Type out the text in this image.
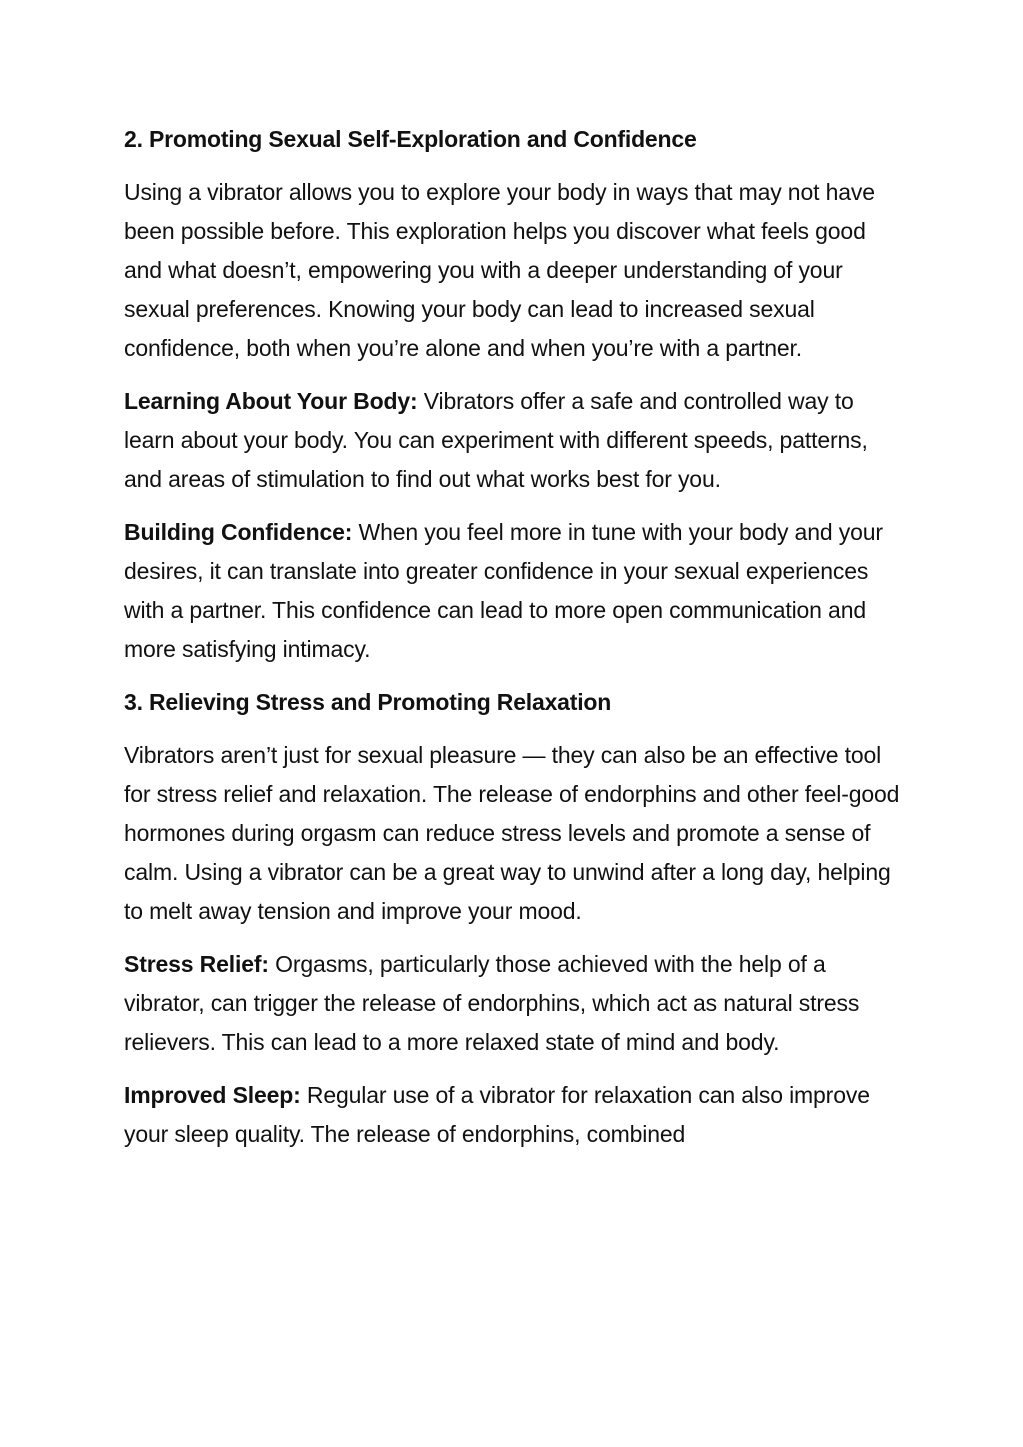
2. Promoting Sexual Self-Exploration and Confidence

Using a vibrator allows you to explore your body in ways that may not have been possible before. This exploration helps you discover what feels good and what doesn’t, empowering you with a deeper understanding of your sexual preferences. Knowing your body can lead to increased sexual confidence, both when you’re alone and when you’re with a partner.

Learning About Your Body: Vibrators offer a safe and controlled way to learn about your body. You can experiment with different speeds, patterns, and areas of stimulation to find out what works best for you.

Building Confidence: When you feel more in tune with your body and your desires, it can translate into greater confidence in your sexual experiences with a partner. This confidence can lead to more open communication and more satisfying intimacy.

3. Relieving Stress and Promoting Relaxation

Vibrators aren’t just for sexual pleasure — they can also be an effective tool for stress relief and relaxation. The release of endorphins and other feel-good hormones during orgasm can reduce stress levels and promote a sense of calm. Using a vibrator can be a great way to unwind after a long day, helping to melt away tension and improve your mood.

Stress Relief: Orgasms, particularly those achieved with the help of a vibrator, can trigger the release of endorphins, which act as natural stress relievers. This can lead to a more relaxed state of mind and body.

Improved Sleep: Regular use of a vibrator for relaxation can also improve your sleep quality. The release of endorphins, combined
